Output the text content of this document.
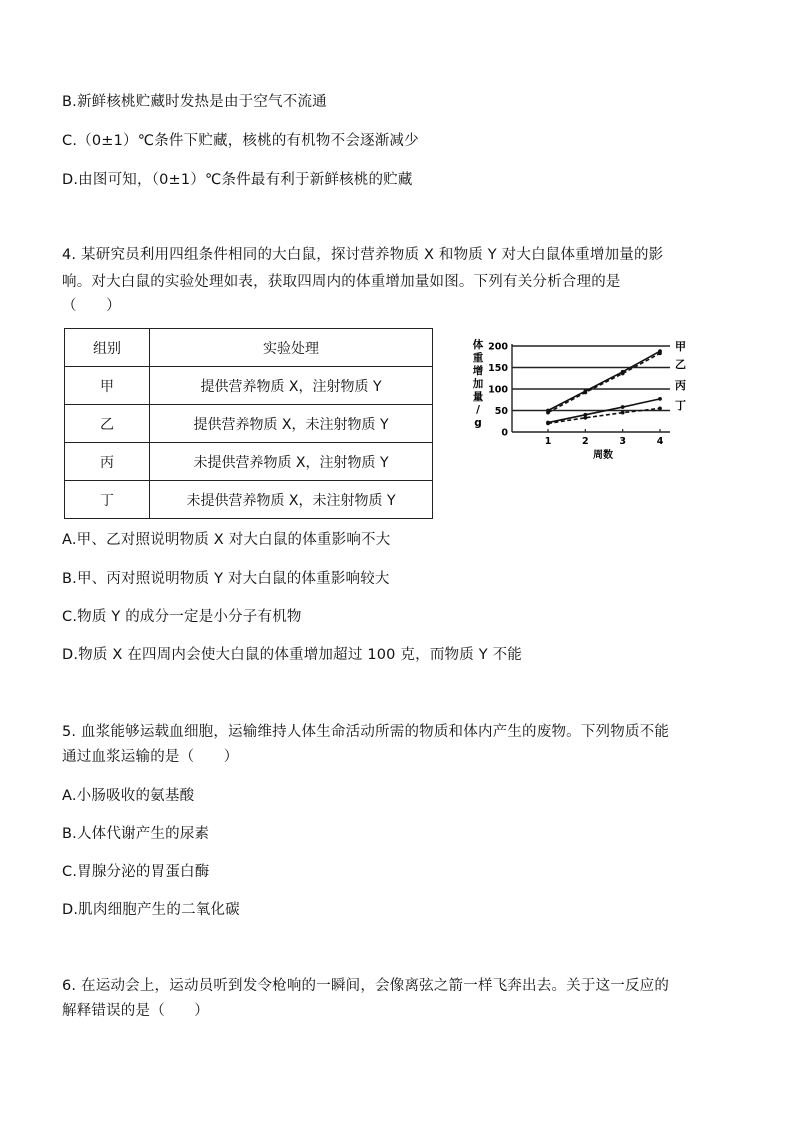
B.新鲜核桃贮藏时发热是由于空气不流通
C.（0±1）℃条件下贮藏，核桃的有机物不会逐渐减少
D.由图可知，（0±1）℃条件最有利于新鲜核桃的贮藏
4. 某研究员利用四组条件相同的大白鼠，探讨营养物质 X 和物质 Y 对大白鼠体重增加量的影
响。对大白鼠的实验处理如表，获取四周内的体重增加量如图。下列有关分析合理的是
（　　）
组别	实验处理
甲	提供营养物质 X，注射物质 Y
乙	提供营养物质 X，未注射物质 Y
丙	未提供营养物质 X，注射物质 Y
丁	未提供营养物质 X，未注射物质 Y
体
重
增
加
量
/
g
0
50
100
150
200
1	2	3	4
甲
乙
丙
丁
周数
A.甲、乙对照说明物质 X 对大白鼠的体重影响不大
B.甲、丙对照说明物质 Y 对大白鼠的体重影响较大
C.物质 Y 的成分一定是小分子有机物
D.物质 X 在四周内会使大白鼠的体重增加超过 100 克，而物质 Y 不能
5. 血浆能够运载血细胞，运输维持人体生命活动所需的物质和体内产生的废物。下列物质不能
通过血浆运输的是（　　）
A.小肠吸收的氨基酸
B.人体代谢产生的尿素
C.胃腺分泌的胃蛋白酶
D.肌肉细胞产生的二氧化碳
6. 在运动会上，运动员听到发令枪响的一瞬间，会像离弦之箭一样飞奔出去。关于这一反应的
解释错误的是（　　）
